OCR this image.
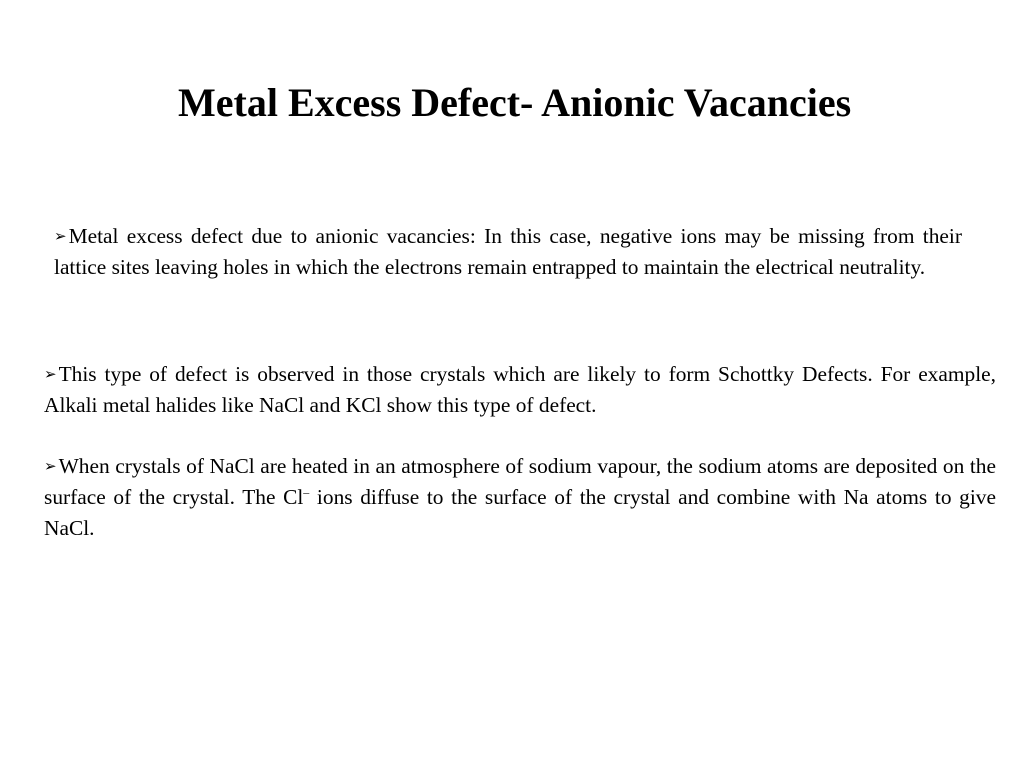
Metal Excess Defect- Anionic Vacancies

➢Metal excess defect due to anionic vacancies: In this case, negative ions may be missing from their lattice sites leaving holes in which the electrons remain entrapped to maintain the electrical neutrality.

➢This type of defect is observed in those crystals which are likely to form Schottky Defects. For example, Alkali metal halides like NaCl and KCl show this type of defect.

➢When crystals of NaCl are heated in an atmosphere of sodium vapour, the sodium atoms are deposited on the surface of the crystal. The Cl– ions diffuse to the surface of the crystal and combine with Na atoms to give NaCl.
